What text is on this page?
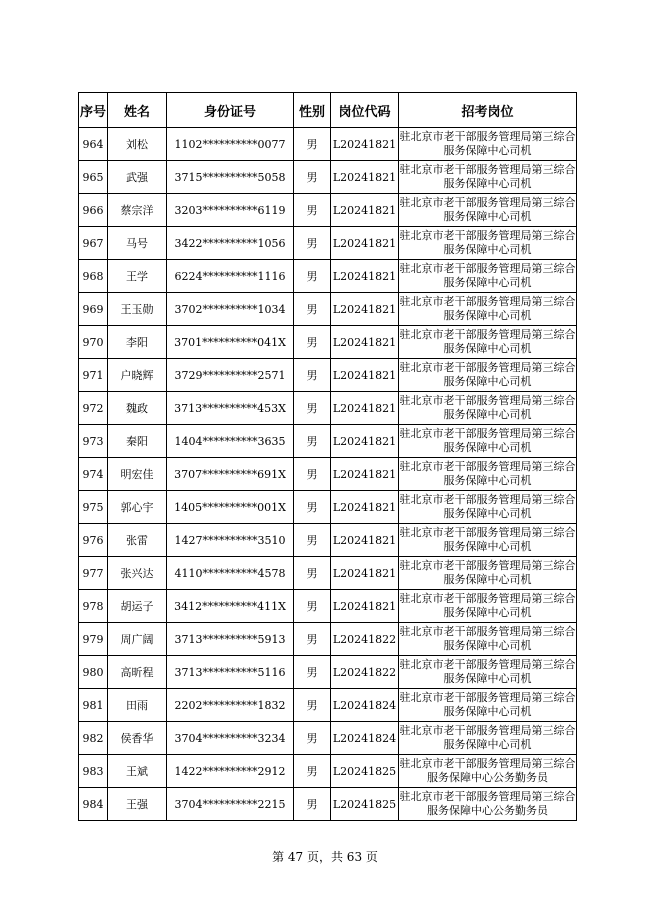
序号	姓名	身份证号	性别	岗位代码	招考岗位
964	刘松	1102**********0077	男	L20241821	驻北京市老干部服务管理局第三综合服务保障中心司机
965	武强	3715**********5058	男	L20241821	驻北京市老干部服务管理局第三综合服务保障中心司机
966	蔡宗洋	3203**********6119	男	L20241821	驻北京市老干部服务管理局第三综合服务保障中心司机
967	马号	3422**********1056	男	L20241821	驻北京市老干部服务管理局第三综合服务保障中心司机
968	王学	6224**********1116	男	L20241821	驻北京市老干部服务管理局第三综合服务保障中心司机
969	王玉勋	3702**********1034	男	L20241821	驻北京市老干部服务管理局第三综合服务保障中心司机
970	李阳	3701**********041X	男	L20241821	驻北京市老干部服务管理局第三综合服务保障中心司机
971	户晓辉	3729**********2571	男	L20241821	驻北京市老干部服务管理局第三综合服务保障中心司机
972	魏政	3713**********453X	男	L20241821	驻北京市老干部服务管理局第三综合服务保障中心司机
973	秦阳	1404**********3635	男	L20241821	驻北京市老干部服务管理局第三综合服务保障中心司机
974	明宏佳	3707**********691X	男	L20241821	驻北京市老干部服务管理局第三综合服务保障中心司机
975	郭心宇	1405**********001X	男	L20241821	驻北京市老干部服务管理局第三综合服务保障中心司机
976	张雷	1427**********3510	男	L20241821	驻北京市老干部服务管理局第三综合服务保障中心司机
977	张兴达	4110**********4578	男	L20241821	驻北京市老干部服务管理局第三综合服务保障中心司机
978	胡运子	3412**********411X	男	L20241821	驻北京市老干部服务管理局第三综合服务保障中心司机
979	周广阔	3713**********5913	男	L20241822	驻北京市老干部服务管理局第三综合服务保障中心司机
980	高昕程	3713**********5116	男	L20241822	驻北京市老干部服务管理局第三综合服务保障中心司机
981	田雨	2202**********1832	男	L20241824	驻北京市老干部服务管理局第三综合服务保障中心司机
982	侯香华	3704**********3234	男	L20241824	驻北京市老干部服务管理局第三综合服务保障中心司机
983	王斌	1422**********2912	男	L20241825	驻北京市老干部服务管理局第三综合服务保障中心公务勤务员
984	王强	3704**********2215	男	L20241825	驻北京市老干部服务管理局第三综合服务保障中心公务勤务员
第 47 页，共 63 页
